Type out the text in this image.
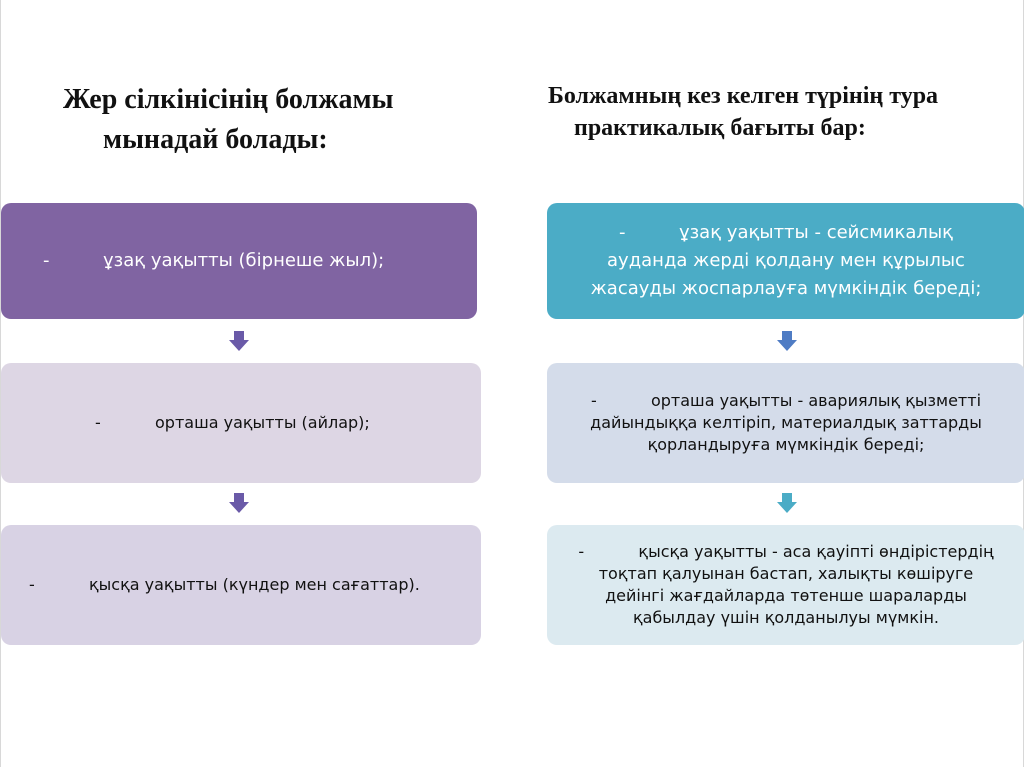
Жер сілкінісінің болжамы
мынадай болады:
Болжамның кез келген түрінің тура
практикалық бағыты бар:
-	ұзақ уақытты (бірнеше жыл);
-	орташа уақытты (айлар);
-	қысқа уақытты (күндер мен сағаттар).
-	ұзақ уақытты - сейсмикалық
ауданда жерді қолдану мен құрылыс
жасауды жоспарлауға мүмкіндік береді;
-	орташа уақытты - авариялық қызметті
дайындыққа келтіріп, материалдық заттарды
қорландыруға мүмкіндік береді;
-	қысқа уақытты - аса қауіпті өндірістердің
тоқтап қалуынан бастап, халықты көшіруге
дейінгі жағдайларда төтенше шараларды
қабылдау үшін қолданылуы мүмкін.
